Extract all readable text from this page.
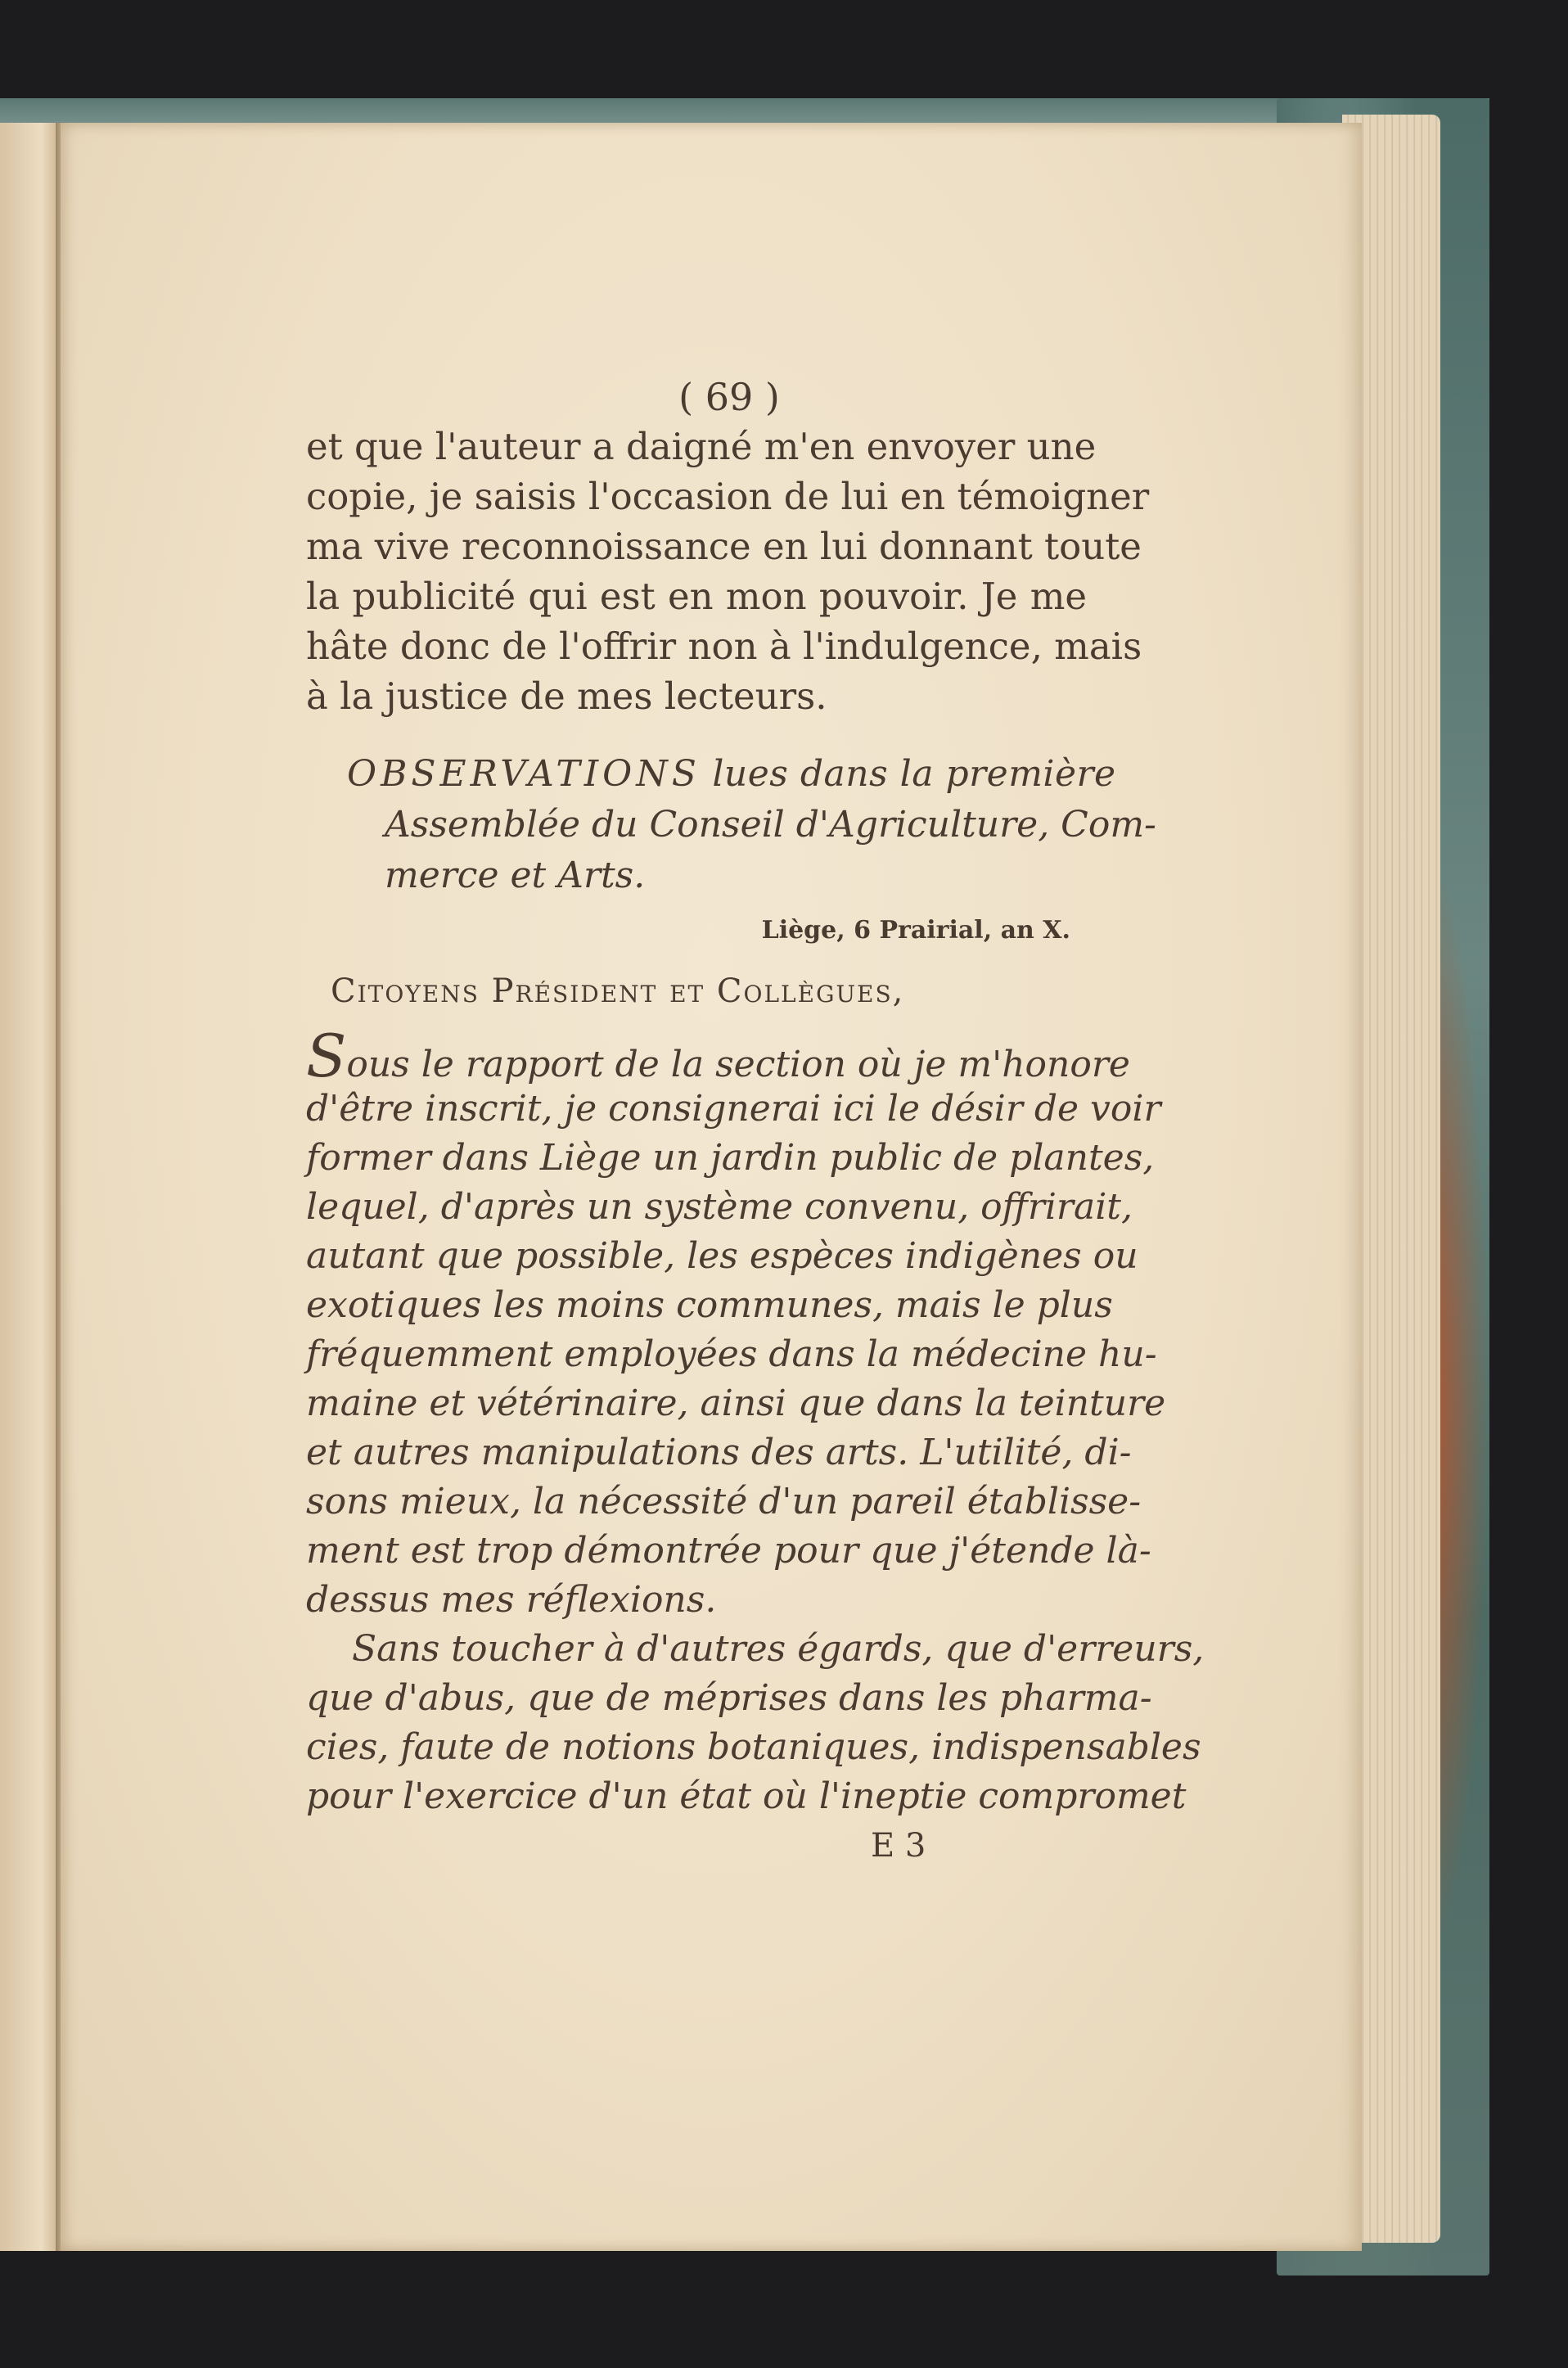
( 69 )
et que l'auteur a daigné m'en envoyer une
copie, je saisis l'occasion de lui en témoigner
ma vive reconnoissance en lui donnant toute
la publicité qui est en mon pouvoir. Je me
hâte donc de l'offrir non à l'indulgence, mais
à la justice de mes lecteurs.
OBSERVATIONS lues dans la première
Assemblée du Conseil d'Agriculture, Com-
merce et Arts.
Liège, 6 Prairial, an X.
Citoyens Président et Collègues,
Sous le rapport de la section où je m'honore
d'être inscrit, je consignerai ici le désir de voir
former dans Liège un jardin public de plantes,
lequel, d'après un système convenu, offrirait,
autant que possible, les espèces indigènes ou
exotiques les moins communes, mais le plus
fréquemment employées dans la médecine hu-
maine et vétérinaire, ainsi que dans la teinture
et autres manipulations des arts. L'utilité, di-
sons mieux, la nécessité d'un pareil établisse-
ment est trop démontrée pour que j'étende là-
dessus mes réflexions.
Sans toucher à d'autres égards, que d'erreurs,
que d'abus, que de méprises dans les pharma-
cies, faute de notions botaniques, indispensables
pour l'exercice d'un état où l'ineptie compromet
E 3
